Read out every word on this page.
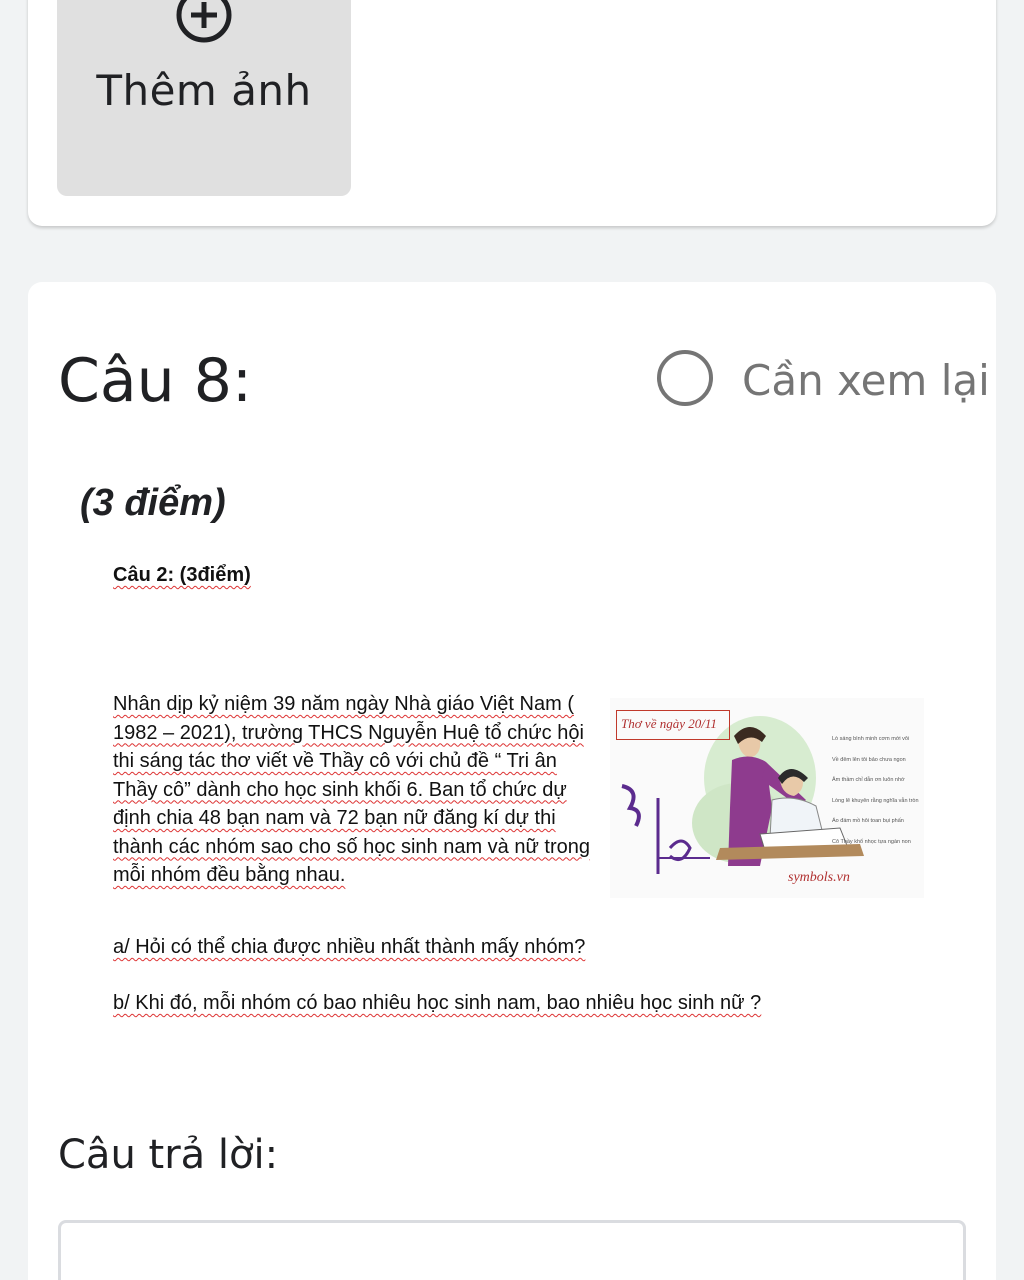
Thêm ảnh
Câu 8:	Cần xem lại
(3 điểm)
Câu 2: (3điểm)
Nhân dịp kỷ niệm 39 năm ngày Nhà giáo Việt Nam ( 1982 – 2021), trường THCS Nguyễn Huệ tổ chức hội thi sáng tác thơ viết về Thầy cô với chủ đề “ Tri ân Thầy cô” dành cho học sinh khối 6. Ban tổ chức dự định chia 48 bạn nam và 72 bạn nữ đăng kí dự thi thành các nhóm sao cho số học sinh nam và nữ trong mỗi nhóm đều bằng nhau.
Thơ về ngày 20/11
Lò sáng bình minh cơm mới vôi
Về đêm lên tôi bảo chưa ngon
Âm thầm chỉ dẫn ơn luôn nhớ
Lòng lẽ khuyên rằng nghĩa vẫn tròn
Áo đám mồ hôi toan bụi phấn
Cô Thầy khổ nhọc tựa ngàn non
symbols.vn
a/ Hỏi có thể chia được nhiều nhất thành mấy nhóm?
b/ Khi đó, mỗi nhóm có bao nhiêu học sinh nam, bao nhiêu học sinh nữ ?
Câu trả lời:
